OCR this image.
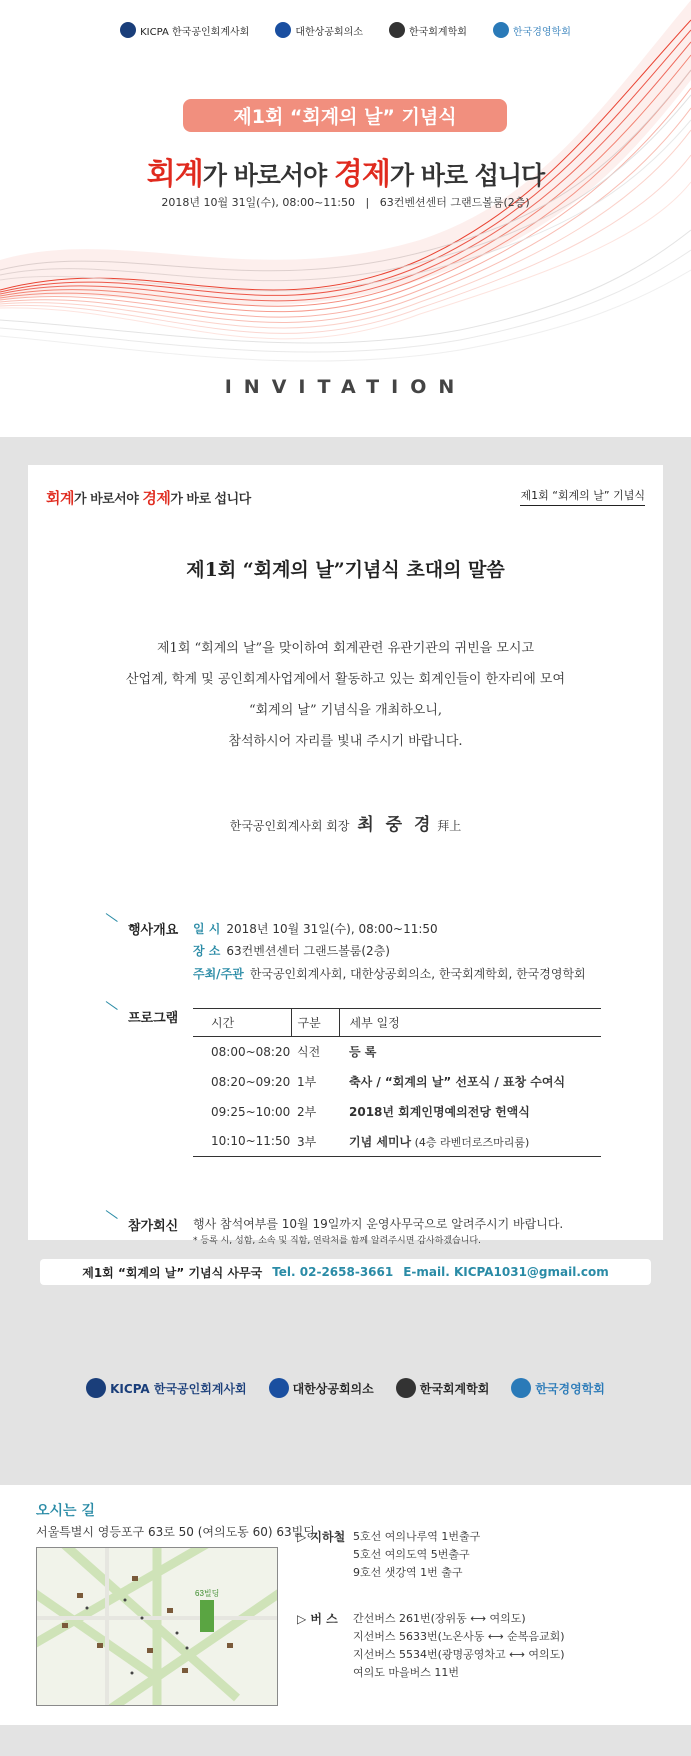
KICPA 한국공인회계사회	대한상공회의소	한국회계학회	한국경영학회
제1회 “회계의 날” 기념식
회계가 바로서야 경제가 바로 섭니다
2018년 10월 31일(수), 08:00~11:50   |   63컨벤션센터 그랜드볼룸(2층)
INVITATION
회계가 바로서야 경제가 바로 섭니다	제1회 “회계의 날” 기념식
제1회 “회계의 날”기념식 초대의 말씀
제1회 “회계의 날”을 맞이하여 회계관련 유관기관의 귀빈을 모시고
산업계, 학계 및 공인회계사업계에서 활동하고 있는 회계인들이 한자리에 모여
“회계의 날” 기념식을 개최하오니,
참석하시어 자리를 빛내 주시기 바랍니다.
한국공인회계사회 회장 최 중 경 拜上
행사개요 일 시 2018년 10월 31일(수), 08:00~11:50
장 소 63컨벤션센터 그랜드볼룸(2층)
주최/주관 한국공인회계사회, 대한상공회의소, 한국회계학회, 한국경영학회
프로그램	시간	구분	세부 일정
08:00~08:20	식전	등 록
08:20~09:20	1부	축사 / “회계의 날” 선포식 / 표창 수여식
09:25~10:00	2부	2018년 회계인명예의전당 헌액식
10:10~11:50	3부	기념 세미나 (4층 라벤더로즈마리룸)
참가회신 행사 참석여부를 10월 19일까지 운영사무국으로 알려주시기 바랍니다.
* 등록 시, 성함, 소속 및 직함, 연락처를 함께 알려주시면 감사하겠습니다.
제1회 “회계의 날” 기념식 사무국 Tel. 02-2658-3661 E-mail. KICPA1031@gmail.com
KICPA 한국공인회계사회	대한상공회의소	한국회계학회	한국경영학회
오시는 길
서울특별시 영등포구 63로 50 (여의도동 60) 63빌딩
63빌딩
▷ 지하철 5호선 여의나루역 1번출구
5호선 여의도역 5번출구
9호선 샛강역 1번 출구
▷ 버 스 간선버스 261번(장위동 ⟷ 여의도)
지선버스 5633번(노온사동 ⟷ 순복음교회)
지선버스 5534번(광명공영차고 ⟷ 여의도)
여의도 마을버스 11번
